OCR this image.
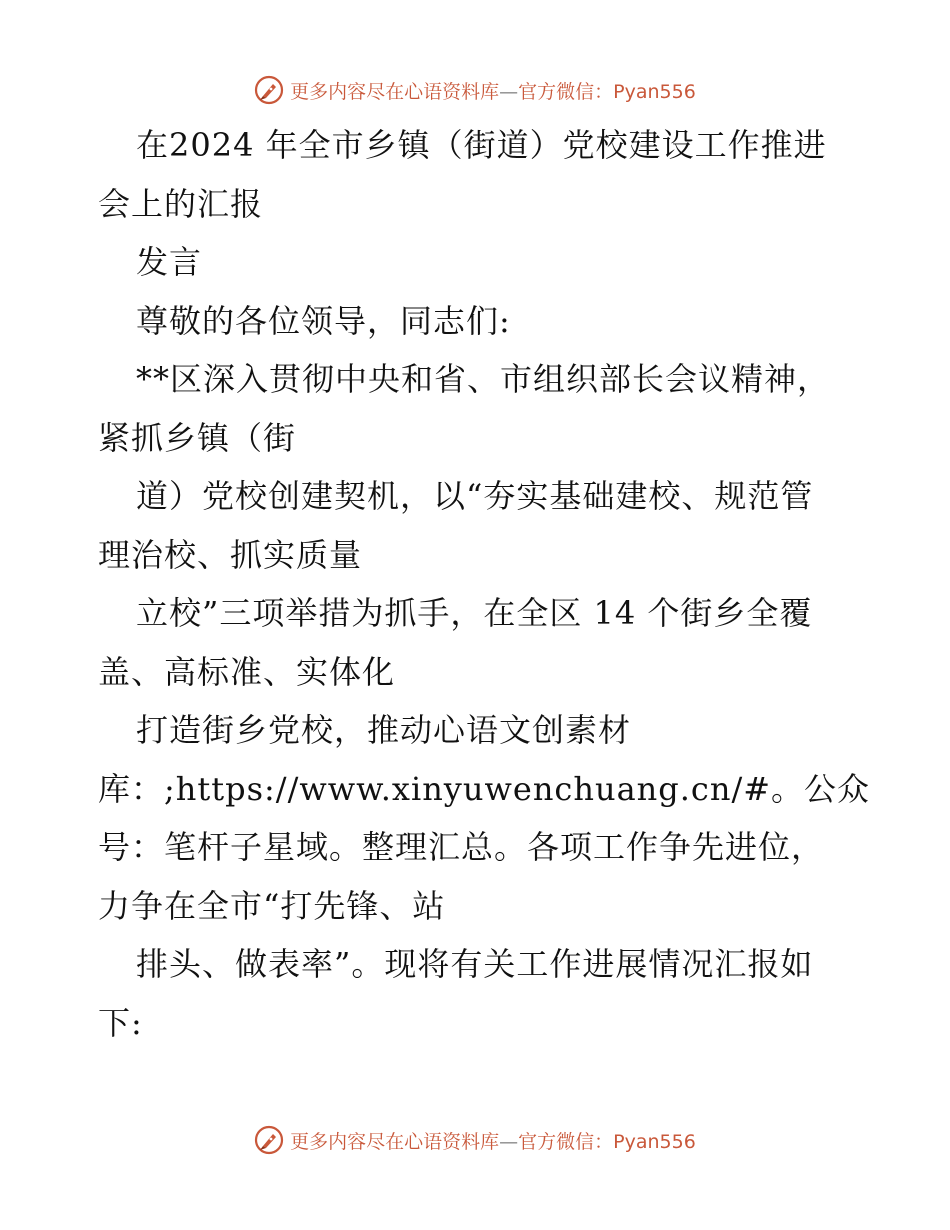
更多内容尽在心语资料库—官方微信：Pyan556
在2024 年全市乡镇（街道）党校建设工作推进
会上的汇报
发言
尊敬的各位领导，同志们:
**区深入贯彻中央和省、市组织部长会议精神，
紧抓乡镇（街
道）党校创建契机，以“夯实基础建校、规范管
理治校、抓实质量
立校”三项举措为抓手，在全区 14 个街乡全覆
盖、高标准、实体化
打造街乡党校，推动心语文创素材
库：;https://www.xinyuwenchuang.cn/#。公众
号：笔杆子星域。整理汇总。各项工作争先进位，
力争在全市“打先锋、站
排头、做表率”。现将有关工作进展情况汇报如
下:
更多内容尽在心语资料库—官方微信：Pyan556
